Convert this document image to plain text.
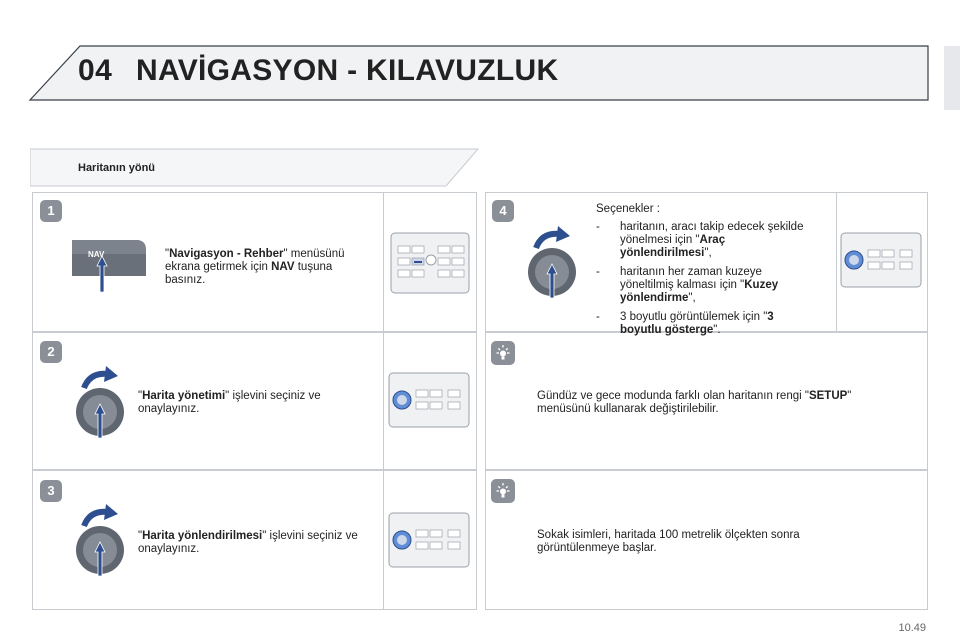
04 NAVİGASYON - KILAVUZLUK
Haritanın yönü
1
2
3
4
NAV	"Navigasyon - Rehber" menüsünü ekrana getirmek için NAV tuşuna basınız.
"Harita yönetimi" işlevini seçiniz ve onaylayınız.
"Harita yönlendirilmesi" işlevini seçiniz ve onaylayınız.
Seçenekler :
- haritanın, aracı takip edecek şekilde yönelmesi için "Araç yönlendirilmesi",
- haritanın her zaman kuzeye yöneltilmiş kalması için "Kuzey yönlendirme",
- 3 boyutlu görüntülemek için "3 boyutlu gösterge".
Gündüz ve gece modunda farklı olan haritanın rengi "SETUP" menüsünü kullanarak değiştirilebilir.
Sokak isimleri, haritada 100 metrelik ölçekten sonra görüntülenmeye başlar.
10.49
